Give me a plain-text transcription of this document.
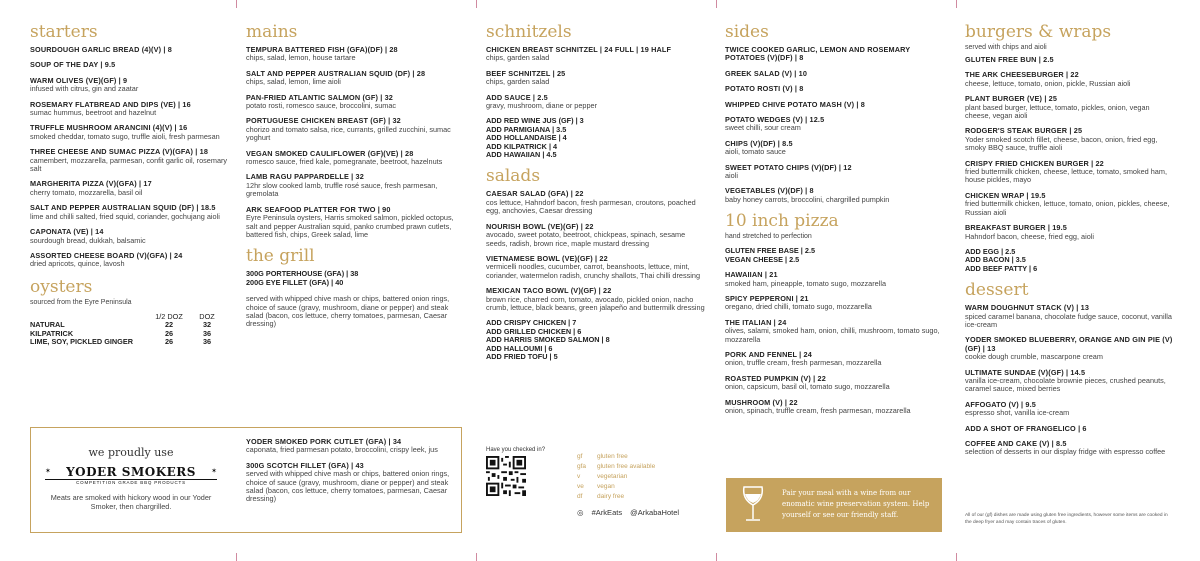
starters
SOURDOUGH GARLIC BREAD (4)(V) | 8
SOUP OF THE DAY | 9.5
WARM OLIVES (VE)(GF) | 9
infused with citrus, gin and zaatar
ROSEMARY FLATBREAD AND DIPS (VE) | 16
sumac hummus, beetroot and hazelnut
TRUFFLE MUSHROOM ARANCINI (4)(V) | 16
smoked cheddar, tomato sugo, truffle aioli, fresh parmesan
THREE CHEESE AND SUMAC PIZZA (V)(GFA) | 18
camembert, mozzarella, parmesan, confit garlic oil, rosemary salt
MARGHERITA PIZZA (V)(GFA) | 17
cherry tomato, mozzarella, basil oil
SALT AND PEPPER AUSTRALIAN SQUID (DF) | 18.5
lime and chilli salted, fried squid, coriander, gochujang aioli
CAPONATA (VE) | 14
sourdough bread, dukkah, balsamic
ASSORTED CHEESE BOARD (V)(GFA) | 24
dried apricots, quince, lavosh
oysters
sourced from the Eyre Peninsula
	1/2 DOZ	DOZ
NATURAL	22	32
KILPATRICK	26	36
LIME, SOY, PICKLED GINGER	26	36
mains
TEMPURA BATTERED FISH (GFA)(DF) | 28
chips, salad, lemon, house tartare
SALT AND PEPPER AUSTRALIAN SQUID (DF) | 28
chips, salad, lemon, lime aioli
PAN-FRIED ATLANTIC SALMON (GF) | 32
potato rosti, romesco sauce, broccolini, sumac
PORTUGUESE CHICKEN BREAST (GF) | 32
chorizo and tomato salsa, rice, currants, grilled zucchini, sumac yoghurt
VEGAN SMOKED CAULIFLOWER (GF)(VE) | 28
romesco sauce, fried kale, pomegranate, beetroot, hazelnuts
LAMB RAGU PAPPARDELLE | 32
12hr slow cooked lamb, truffle rosé sauce, fresh parmesan, gremolata
ARK SEAFOOD PLATTER FOR TWO | 90
Eyre Peninsula oysters, Harris smoked salmon, pickled octopus, salt and pepper Australian squid, panko crumbed prawn cutlets, battered fish, chips, Greek salad, lime
the grill
300G PORTERHOUSE (GFA) | 38
200G EYE FILLET (GFA) | 40
served with whipped chive mash or chips, battered onion rings, choice of sauce (gravy, mushroom, diane or pepper) and steak salad (bacon, cos lettuce, cherry tomatoes, parmesan, Caesar dressing)
we proudly use
✶	YODER SMOKERS
COMPETITION GRADE BBQ PRODUCTS
✶
Meats are smoked with hickory wood in our Yoder Smoker, then chargrilled.
YODER SMOKED PORK CUTLET (GFA) | 34
caponata, fried parmesan potato, broccolini, crispy leek, jus
300G SCOTCH FILLET (GFA) | 43
served with whipped chive mash or chips, battered onion rings, choice of sauce (gravy, mushroom, diane or pepper) and steak salad (bacon, cos lettuce, cherry tomatoes, parmesan, Caesar dressing)
schnitzels
CHICKEN BREAST SCHNITZEL | 24 FULL | 19 HALF
chips, garden salad
BEEF SCHNITZEL | 25
chips, garden salad
ADD SAUCE | 2.5
gravy, mushroom, diane or pepper
ADD RED WINE JUS (GF) | 3
ADD PARMIGIANA | 3.5
ADD HOLLANDAISE | 4
ADD KILPATRICK | 4
ADD HAWAIIAN | 4.5
salads
CAESAR SALAD (GFA) | 22
cos lettuce, Hahndorf bacon, fresh parmesan, croutons, poached egg, anchovies, Caesar dressing
NOURISH BOWL (VE)(GF) | 22
avocado, sweet potato, beetroot, chickpeas, spinach, sesame seeds, radish, brown rice, maple mustard dressing
VIETNAMESE BOWL (VE)(GF) | 22
vermicelli noodles, cucumber, carrot, beanshoots, lettuce, mint, coriander, watermelon radish, crunchy shallots, Thai chilli dressing
MEXICAN TACO BOWL (V)(GF) | 22
brown rice, charred corn, tomato, avocado, pickled onion, nacho crumb, lettuce, black beans, green jalapeño and buttermilk dressing
ADD CRISPY CHICKEN | 7
ADD GRILLED CHICKEN | 6
ADD HARRIS SMOKED SALMON | 8
ADD HALLOUMI | 6
ADD FRIED TOFU | 5
Have you checked in?
gf gluten free
gfa gluten free available
v	vegetarian
ve vegan
df dairy free
◎ #ArkEats @ArkabaHotel
sides
TWICE COOKED GARLIC, LEMON AND ROSEMARY POTATOES (V)(DF) | 8
GREEK SALAD (V) | 10
POTATO ROSTI (V) | 8
WHIPPED CHIVE POTATO MASH (V) | 8
POTATO WEDGES (V) | 12.5
sweet chilli, sour cream
CHIPS (V)(DF) | 8.5
aioli, tomato sauce
SWEET POTATO CHIPS (V)(DF) | 12
aioli
VEGETABLES (V)(DF) | 8
baby honey carrots, broccolini, chargrilled pumpkin
10 inch pizza
hand stretched to perfection
GLUTEN FREE BASE | 2.5
VEGAN CHEESE | 2.5
HAWAIIAN | 21
smoked ham, pineapple, tomato sugo, mozzarella
SPICY PEPPERONI | 21
oregano, dried chilli, tomato sugo, mozzarella
THE ITALIAN | 24
olives, salami, smoked ham, onion, chilli, mushroom, tomato sugo, mozzarella
PORK AND FENNEL | 24
onion, truffle cream, fresh parmesan, mozzarella
ROASTED PUMPKIN (V) | 22
onion, capsicum, basil oil, tomato sugo, mozzarella
MUSHROOM (V) | 22
onion, spinach, truffle cream, fresh parmesan, mozzarella
Pair your meal with a wine from our enomatic wine preservation system. Help yourself or see our friendly staff.
burgers & wraps
served with chips and aioli
GLUTEN FREE BUN | 2.5
THE ARK CHEESEBURGER | 22
cheese, lettuce, tomato, onion, pickle, Russian aioli
PLANT BURGER (VE) | 25
plant based burger, lettuce, tomato, pickles, onion, vegan cheese, vegan aioli
RODGER'S STEAK BURGER | 25
Yoder smoked scotch fillet, cheese, bacon, onion, fried egg, smoky BBQ sauce, truffle aioli
CRISPY FRIED CHICKEN BURGER | 22
fried buttermilk chicken, cheese, lettuce, tomato, smoked ham, house pickles, mayo
CHICKEN WRAP | 19.5
fried buttermilk chicken, lettuce, tomato, onion, pickles, cheese, Russian aioli
BREAKFAST BURGER | 19.5
Hahndorf bacon, cheese, fried egg, aioli
ADD EGG | 2.5
ADD BACON | 3.5
ADD BEEF PATTY | 6
dessert
WARM DOUGHNUT STACK (V) | 13
spiced caramel banana, chocolate fudge sauce, coconut, vanilla ice-cream
YODER SMOKED BLUEBERRY, ORANGE AND GIN PIE (V)(GF) | 13
cookie dough crumble, mascarpone cream
ULTIMATE SUNDAE (V)(GF) | 14.5
vanilla ice-cream, chocolate brownie pieces, crushed peanuts, caramel sauce, mixed berries
AFFOGATO (V) | 9.5
espresso shot, vanilla ice-cream
ADD A SHOT OF FRANGELICO | 6
COFFEE AND CAKE (V) | 8.5
selection of desserts in our display fridge with espresso coffee
All of our (gf) dishes are made using gluten free ingredients, however some items are cooked in the deep fryer and may contain traces of gluten.
